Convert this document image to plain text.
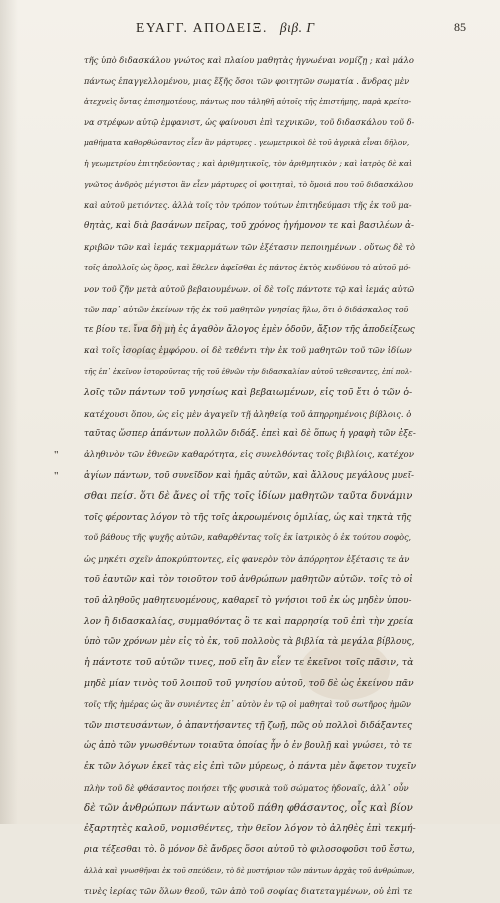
ΕΥΑΓΓ. ΑΠΟΔΕΙΞ. βιβ. Γ	85
τῆς ὑπὸ διδασκάλου γνώτος καὶ πλαίου μαθητὰς ἡγνωέναι νομίζῃ ; καὶ μάλο
πάντως ἐπαγγελλομένου, μιας ἕξῆς ὅσοι τῶν φοιτητῶν σωματία . ἄνδρας μὲν
ἀτεχνεὶς ὄντας ἐπισημοτέους, πάντως που τἀληθῆ αὐτοῖς τῆς ἐπιστήμης, παρὰ κρείτο-
να στρέφων αὐτῷ ἐμφανιστ, ὡς φαίνουσι ἐπὶ τεχνικῶν, τοῦ διδασκάλου τοῦ δ-
μαθήματα καθορθώσαντος εἶεν ἂν μάρτυρες . γεωμετρικοὶ δὲ τοῦ ἀγρικὰ εἶναι δῆλον,
ἡ γεωμετρίου ἐπιτηδεύοντας ; καὶ ἀριθμητικοῖς, τὸν ἀριθμητικὸν ; καὶ ἰατρὸς δὲ καὶ
γνῶτος ἀνδρὸς μέγιστοι ἂν εἶεν μάρτυρες οἱ φοιτηταὶ, τὸ ὅμοιά που τοῦ διδασκάλου
καὶ αὐτοῦ μετιόντες. ἀλλὰ τοῖς τὸν τρόπον τούτων ἐπιτηδεύμασι τῆς ἐκ τοῦ μα-
θητὰς, καὶ διὰ βασάνων πεῖρας, τοῦ χρόνος ἡγήμονον τε καὶ βασιλέων ἀ-
κριβῶν τῶν καὶ ἰεμάς τεκμαρμάτων τῶν ἐξέτασιν πεποιημένων . οὕτως δὲ τὸ
τοῖς ἀπολλοῖς ὡς ὅρος, καὶ ἔθελεν ἀφεῖσθαι ἐς πάντος ἐκτὸς κινδύνου τὸ αὐτοῦ μό-
νον τοῦ ζῆν μετὰ αὐτοῦ βεβαιουμένων. οἱ δὲ τοῖς πάντοτε τῷ καὶ ἰεμάς αὐτῶ
τῶν παρ᾿ αὐτῶν ἐκείνων τῆς ἐκ τοῦ μαθητῶν γνησίας ἥλω, ὅτι ὁ διδάσκαλος τοῦ
τε βίου τε. ἴνα δὴ μὴ ἐς ἀγαθὸν ἄλογος ἐμὲν ὁδοῦν, ἄξιον τῆς ἀποδείξεως
καὶ τοῖς ἰσορίας ἐμφόρου. οἱ δὲ τεθέντι τὴν ἐκ τοῦ μαθητῶν τοῦ τῶν ἰδίων
τῆς ἐπ᾿ ἐκεῖνον ἱστοροῦντας τῆς τοῦ ἐθνῶν τὴν διδασκαλίαν αὐτοῦ τεθεσαντες, ἐπί πολ-
λοῖς τῶν πάντων τοῦ γνησίως καὶ βεβαιωμένων, εἰς τοῦ ἔτι ὁ τῶν ὁ-
κατέχουσι ὅπου, ὡς εἰς μὲν ἀγαγεῖν τῇ ἀληθείᾳ τοῦ ἀπηρρημένοις βίβλοις. ὁ
ταῦτας ὥσπερ ἁπάντων πολλῶν διδάξ. ἐπεὶ καὶ δὲ ὅπως ἡ γραφὴ τῶν ἐξε-
ἀληθινὸν τῶν ἐθνεῶν καθαρότητα, εἰς συνελθόντας τοῖς βιβλίοις, κατέχον
ἁγίων πάντων, τοῦ συνεῖδον καὶ ἡμᾶς αὐτῶν, καὶ ἄλλους μεγάλους μυεῖ-
σθαι πείσ. ὅτι δὲ ἄνες οἱ τῆς τοῖς ἰδίων μαθητῶν ταῦτα δυνάμιν
τοῖς φέροντας λόγον τὸ τῆς τοῖς ἀκροωμένοις ὁμιλίας, ὡς καὶ τηκτὰ τῆς
τοῦ βάθους τῆς ψυχῆς αὐτῶν, καθαρθέντας τοῖς ἐκ ἰατρικὸς ὁ ἐκ τούτου σοφὸς,
ὡς μηκέτι σχεῖν ἀποκρύπτοντες, εἰς φανερὸν τὸν ἀπόρρητον ἐξέτασις τε ἀν
τοῦ ἑαυτῶν καὶ τὸν τοιοῦτον τοῦ ἀνθρώπων μαθητῶν αὐτῶν. τοῖς τὸ οἱ
τοῦ ἀληθοῦς μαθητευομένους, καθαρεῖ τὸ γνήσιοι τοῦ ἐκ ὡς μηδὲν ὑπου-
λον ἢ διδασκαλίας, συμμαθόντας ὃ τε καὶ παρρησίᾳ τοῦ ἐπὶ τὴν χρεία
ὑπὸ τῶν χρόνων μὲν εἰς τὸ ἐκ, τοῦ πολλοὺς τὰ βιβλία τὰ μεγάλα βίβλους,
ἡ πάντοτε τοῦ αὐτῶν τινες, ποῦ εἴη ἂν εἶεν τε ἐκεῖνοι τοῖς πᾶσιν, τὰ
μηδὲ μίαν τινὸς τοῦ λοιποῦ τοῦ γνησίου αὐτοῦ, τοῦ δὲ ὡς ἐκείνου πᾶν
τοῖς τῆς ἡμέρας ὡς ἂν συνιέντες ἐπ᾿ αὐτὸν ἐν τῷ οἱ μαθηταὶ τοῦ σωτῆρος ἡμῶν
τῶν πιστευσάντων, ὁ ἀπαντήσαντες τῇ ζωῇ, πῶς οὐ πολλοὶ διδάξαντες
ὡς ἀπὸ τῶν γνωσθέντων τοιαῦτα ὁποίας ἦν ὁ ἐν βουλῇ καὶ γνώσει, τὸ τε
ἐκ τῶν λόγων ἐκεῖ τὰς εἰς ἐπὶ τῶν μύρεως, ὁ πάντα μὲν ἄφετον τυχεῖν
πλὴν τοῦ δὲ φθάσαντος ποιήσει τῆς φυσικὰ τοῦ σώματος ἡδοναῖς, ἀλλ᾿ οὖν
δὲ τῶν ἀνθρώπων πάντων αὐτοῦ πάθη φθάσαντος, οἷς καὶ βίον
ἐξαρτητὲς καλοῦ, νομισθέντες, τὴν θεῖον λόγον τὸ ἀληθὲς ἐπὶ τεκμή-
ρια τέξεσθαι τὸ. ὃ μόνον δὲ ἄνδρες ὅσοι αὐτοῦ τὸ φιλοσοφοῦσι τοῦ ἔστω,
ἀλλὰ καὶ γνωσθῆναι ἐκ τοῦ σπεύδειν, τὸ δὲ μυστήριον τῶν πάντων ἀρχὰς τοῦ ἀνθρώπων,
τινὲς ἱερίας τῶν ὅλων θεοῦ, τῶν ἀπὸ τοῦ σοφίας διατεταγμένων, οὐ ἐπὶ τε
"
"
